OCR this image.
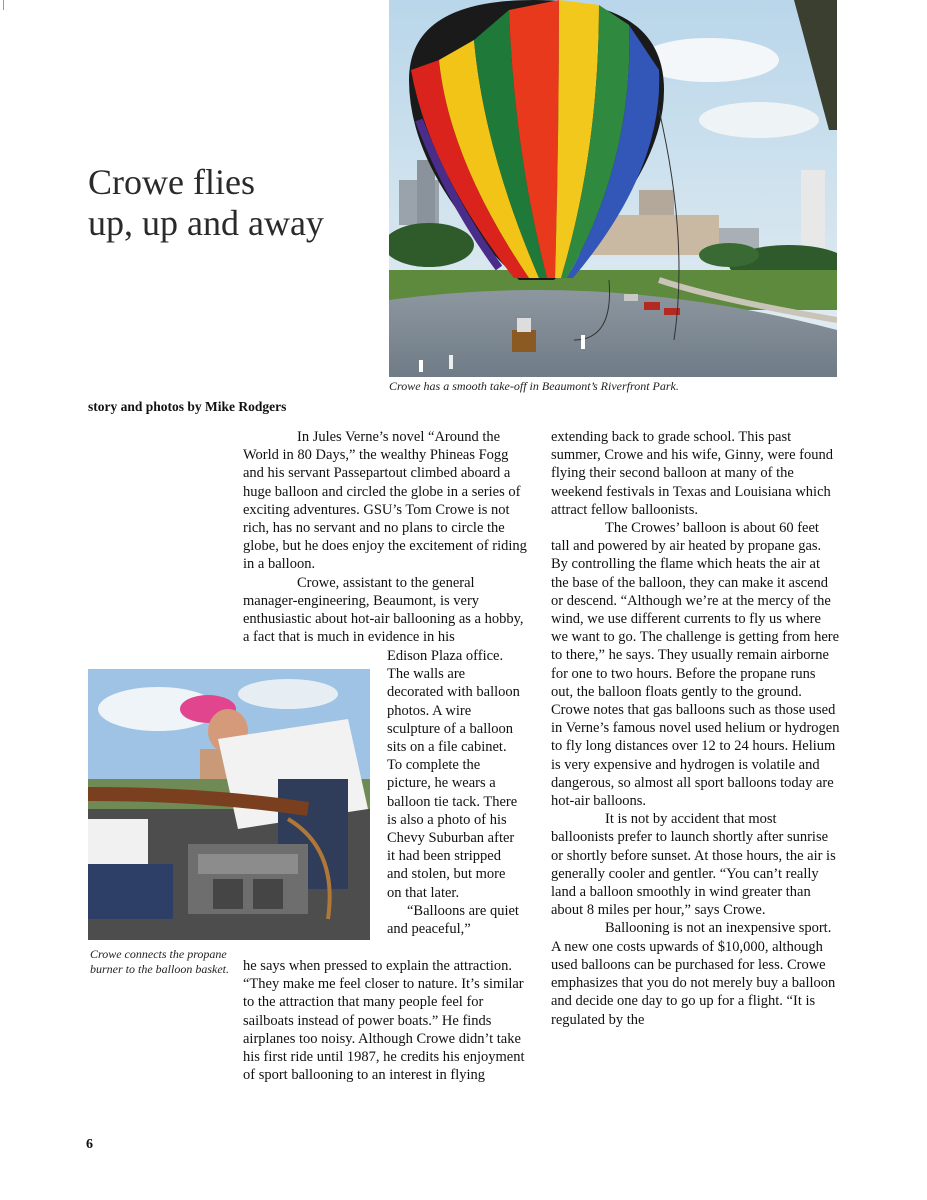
Crowe flies
up, up and away
Crowe has a smooth take-off in Beaumont’s Riverfront Park.
story and photos by Mike Rodgers
Crowe connects the propane burner to the balloon basket.

In Jules Verne’s novel “Around the World in 80 Days,” the wealthy Phineas Fogg and his servant Passepartout climbed aboard a huge balloon and circled the globe in a series of exciting adventures. GSU’s Tom Crowe is not rich, has no servant and no plans to circle the globe, but he does enjoy the excitement of riding in a balloon.

Crowe, assistant to the general manager-engineering, Beaumont, is very enthusiastic about hot-air ballooning as a hobby, a fact that is much in evidence in his

Edison Plaza office. The walls are decorated with balloon photos. A wire sculpture of a balloon sits on a file cabinet. To complete the picture, he wears a balloon tie tack. There is also a photo of his Chevy Suburban after it had been stripped and stolen, but more on that later.

“Balloons are quiet and peaceful,”

he says when pressed to explain the attraction. “They make me feel closer to nature. It’s similar to the attraction that many people feel for sailboats instead of power boats.” He finds airplanes too noisy. Although Crowe didn’t take his first ride until 1987, he credits his enjoyment of sport ballooning to an interest in flying

extending back to grade school. This past summer, Crowe and his wife, Ginny, were found flying their second balloon at many of the weekend festivals in Texas and Louisiana which attract fellow balloonists.

The Crowes’ balloon is about 60 feet tall and powered by air heated by propane gas. By controlling the flame which heats the air at the base of the balloon, they can make it ascend or descend. “Although we’re at the mercy of the wind, we use different currents to fly us where we want to go. The challenge is getting from here to there,” he says. They usually remain airborne for one to two hours. Before the propane runs out, the balloon floats gently to the ground. Crowe notes that gas balloons such as those used in Verne’s famous novel used helium or hydrogen to fly long distances over 12 to 24 hours. Helium is very expensive and hydrogen is volatile and dangerous, so almost all sport balloons today are hot-air balloons.

It is not by accident that most balloonists prefer to launch shortly after sunrise or shortly before sunset. At those hours, the air is generally cooler and gentler. “You can’t really land a balloon smoothly in wind greater than about 8 miles per hour,” says Crowe.

Ballooning is not an inexpensive sport. A new one costs upwards of $10,000, although used balloons can be purchased for less. Crowe emphasizes that you do not merely buy a balloon and decide one day to go up for a flight. “It is regulated by the

6
